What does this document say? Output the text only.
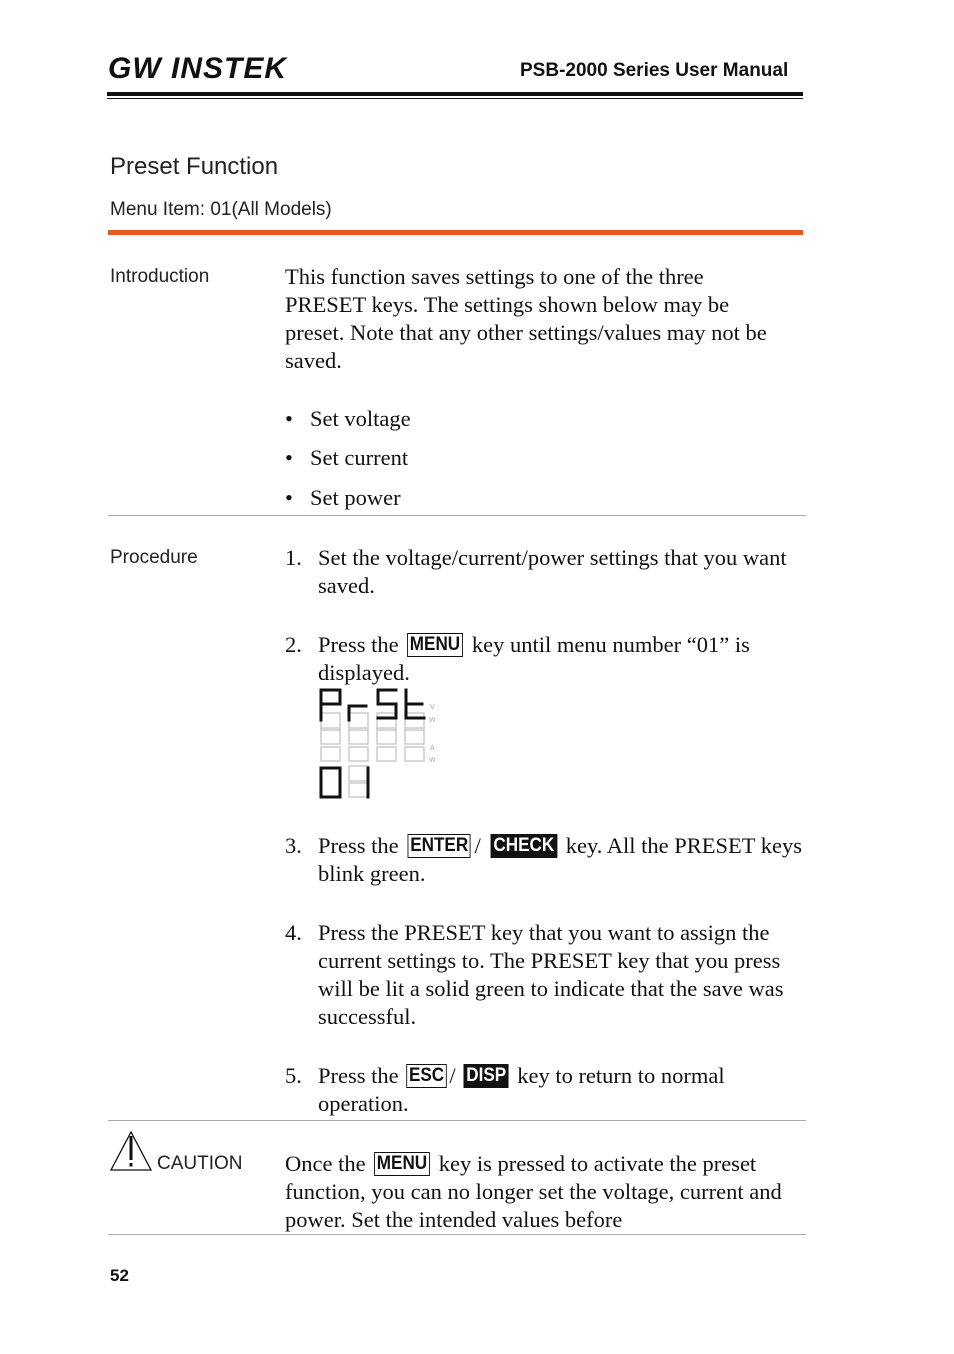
GW INSTEK	PSB-2000 Series User Manual
Preset Function
Menu Item: 01(All Models)
Introduction	This function saves settings to one of the three PRESET keys. The settings shown below may be preset. Note that any other settings/values may not be saved.
• Set voltage
• Set current
• Set power
Procedure	1. Set the voltage/current/power settings that you want saved.
2. Press the MENU key until menu number “01” is displayed.
V
W
A
W
3. Press the ENTER / CHECK key. All the PRESET keys blink green.
4. Press the PRESET key that you want to assign the current settings to. The PRESET key that you press will be lit a solid green to indicate that the save was successful.
5. Press the ESC / DISP key to return to normal operation.
CAUTION Once the MENU key is pressed to activate the preset function, you can no longer set the voltage, current and power. Set the intended values before
52
